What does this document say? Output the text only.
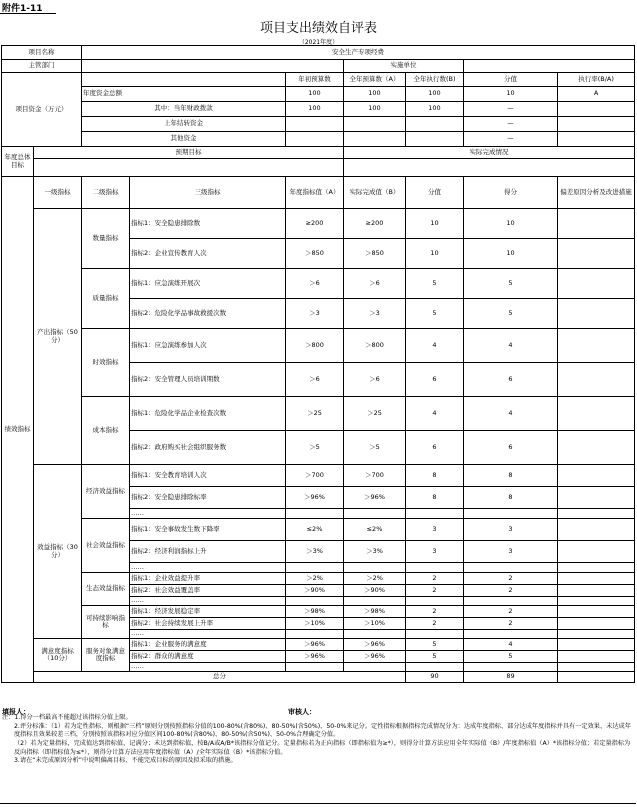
附件1-11
项目支出绩效自评表
（2021年度）
项目名称		安全生产专项经费						
主管部门					实施单位			
项目资金（万元）				年初预算数	全年预算数（A）	全年执行数(B)	分值	执行率(B/A)
		年度资金总额		100	100	100	10	A
		其中：当年财政拨款		100	100	100	—	
		上年结转资金					—	
		其他资金					—	
年度总体目标	预期目标				实际完成情况			

绩效指标	一级指标	二级指标	三级指标	年度指标值（A）	实际完成值（B）	分值	得分	偏差原因分析及改进措施
	产出指标（50分）	数量指标	指标1：安全隐患排除数	≥200	≥200	10	10	
			指标2：企业宣传教育人次	＞850	＞850	10	10	
		质量指标	指标1：应急演练开展次	＞6	＞6	5	5	
			指标2：危险化学品事故救援次数	＞3	＞3	5	5	
		时效指标	指标1：应急演练参加人次	＞800	＞800	4	4	
			指标2：安全管理人员培训期数	＞6	＞6	6	6	
		成本指标	指标1：危险化学品企业检查次数	＞25	＞25	4	4	
			指标2：政府购买社会组织服务数	＞5	＞5	6	6	
	效益指标（30分）	经济效益指标	指标1：安全教育培训人次	＞700	＞700	8	8	
			指标2：安全隐患排除标率	＞96%	＞96%	8	8	
			……					
		社会效益指标	指标1：安全事故发生数下降率	≤2%	≤2%	3	3	
			指标2：经济利润指标上升	＞3%	＞3%	3	3	
			……					
		生态效益指标	指标1：企业效益提升率	＞2%	＞2%	2	2	
			指标2：社会效益覆盖率	＞90%	＞90%	2	2	
			……					
		可持续影响指标	指标1：经济发展稳定率	＞98%	＞98%	2	2	
			指标2：社会持续发展上升率	＞10%	＞10%	2	2	
			……					
	满意度指标（10分）	服务对象满意度指标	指标1：企业服务的满意度	＞96%	＞96%	5	4	
			指标2：群众的满意度	＞96%	＞96%	5	5	
			……					
	总分					90	89	
填报人：	审核人：

注：1.得分一档最高不能超过该指标分值上限。

2.评分标准：（1）若为定性指标，则根据“三档”原则分别按照指标分值的100-80%(含80%)、80-50%(含50%)、50-0%来记分。定性指标根据指标完成情况分为：达成年度指标、部分达成年度指标并具有一定效果、未达成年度指标且效果较差三档，分别按照该指标对应分值区间100-80%(含80%)、80-50%(含50%)、50-0%合理确定分值。

（2）若为定量指标，完成值达到指标值，记满分；未达到指标值，按B/A或A/B*该指标分值记分。定量指标若为正向指标（即指标值为≥*），则得分计算方法应用全年实际值（B）/年度指标值（A）*该指标分值；若定量指标为反向指标（即指标值为≤*），则得分计算方法应用年度指标值（A）/全年实际值（B）*该指标分值。

3.请在“未完成原因分析”中说明偏离目标、不能完成目标的原因及拟采取的措施。
